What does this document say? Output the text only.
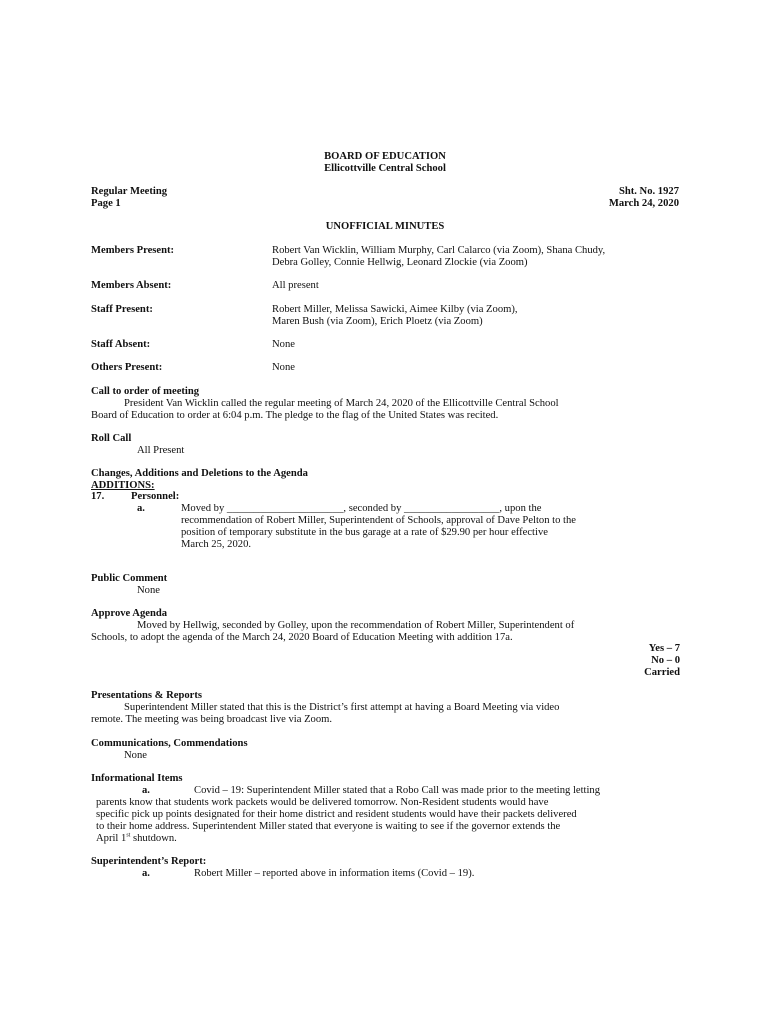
BOARD OF EDUCATION
Ellicottville Central School
Regular Meeting
Page 1
Sht. No. 1927
March 24, 2020
UNOFFICIAL MINUTES
Members Present:	Robert Van Wicklin, William Murphy, Carl Calarco (via Zoom), Shana Chudy,
Debra Golley, Connie Hellwig, Leonard Zlockie (via Zoom)
Members Absent:	All present
Staff Present:	Robert Miller, Melissa Sawicki, Aimee Kilby (via Zoom),
Maren Bush (via Zoom), Erich Ploetz (via Zoom)
Staff Absent:	None
Others Present:	None
Call to order of meeting
President Van Wicklin called the regular meeting of March 24, 2020 of the Ellicottville Central School
Board of Education to order at 6:04 p.m. The pledge to the flag of the United States was recited.
Roll Call
All Present
Changes, Additions and Deletions to the Agenda
ADDITIONS:
17.	Personnel:
a.	Moved by ______________________, seconded by __________________, upon the
recommendation of Robert Miller, Superintendent of Schools, approval of Dave Pelton to the
position of temporary substitute in the bus garage at a rate of $29.90 per hour effective
March 25, 2020.
Public Comment
None
Approve Agenda
Moved by Hellwig, seconded by Golley, upon the recommendation of Robert Miller, Superintendent of
Schools, to adopt the agenda of the March 24, 2020 Board of Education Meeting with addition 17a.
Yes – 7
No – 0
Carried
Presentations & Reports
Superintendent Miller stated that this is the District’s first attempt at having a Board Meeting via video
remote. The meeting was being broadcast live via Zoom.
Communications, Commendations
None
Informational Items
a.	Covid – 19: Superintendent Miller stated that a Robo Call was made prior to the meeting letting
parents know that students work packets would be delivered tomorrow. Non-Resident students would have
specific pick up points designated for their home district and resident students would have their packets delivered
to their home address. Superintendent Miller stated that everyone is waiting to see if the governor extends the
April 1st shutdown.
Superintendent’s Report:
a.	Robert Miller – reported above in information items (Covid – 19).
